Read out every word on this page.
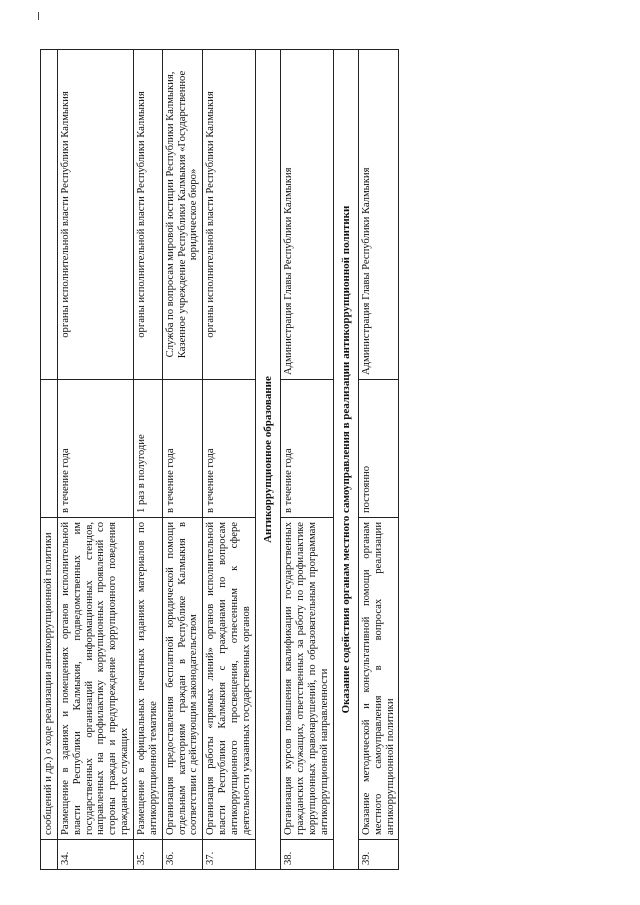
	сообщений и др.) о ходе реализации антикоррупционной политики		
34.	Размещение в зданиях и помещениях органов исполнительной власти Республики Калмыкия, подведомственных им государственных организаций информационных стендов, направленных на профилактику коррупционных проявлений со стороны граждан и предупреждение коррупционного поведения гражданских служащих	в течение года	органы исполнительной власти Республики Калмыкия
35.	Размещение в официальных печатных изданиях материалов по антикоррупционной тематике	1 раз в полугодие	органы исполнительной власти Республики Калмыкия
36.	Организация предоставления бесплатной юридической помощи отдельным категориям граждан в Республике Калмыкия в соответствии с действующим законодательством	в течение года	Служба по вопросам мировой юстиции Республики Калмыкия, Казенное учреждение Республики Калмыкия «Государственное юридическое бюро»
37.	Организация работы «прямых линий» органов исполнительной власти Республики Калмыкия с гражданами по вопросам антикоррупционного просвещения, отнесенным к сфере деятельности указанных государственных органов	в течение года	органы исполнительной власти Республики Калмыкия
Антикоррупционное образование			
38.	Организация курсов повышения квалификации государственных гражданских служащих, ответственных за работу по профилактике коррупционных правонарушений, по образовательным программам антикоррупционной направленности	в течение года	Администрация Главы Республики Калмыкия
Оказание содействия органам местного самоуправления в реализации антикоррупционной политики			
39.	Оказание методической и консультативной помощи органам местного самоуправления в вопросах реализации антикоррупционной политики	постоянно	Администрация Главы Республики Калмыкия
